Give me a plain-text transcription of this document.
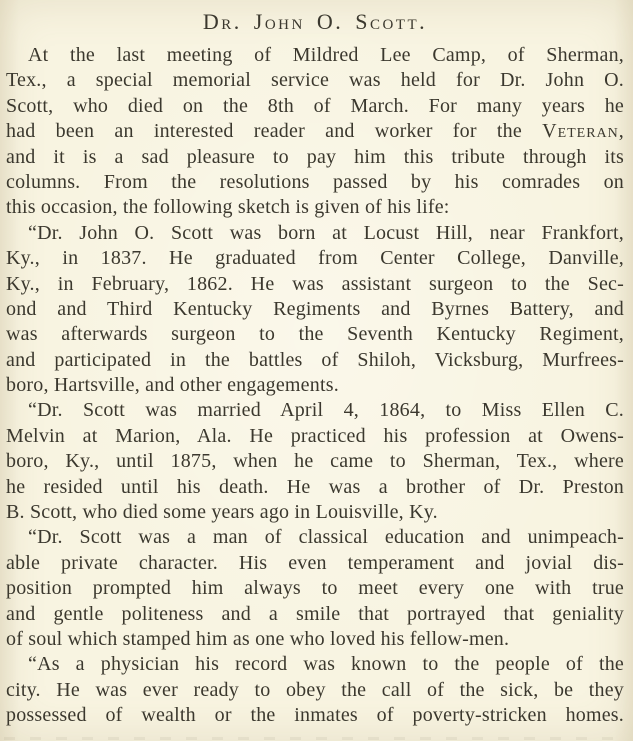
Dr. John O. Scott.
At the last meeting of Mildred Lee Camp, of Sherman,
Tex., a special memorial service was held for Dr. John O.
Scott, who died on the 8th of March. For many years he
had been an interested reader and worker for the Veteran,
and it is a sad pleasure to pay him this tribute through its
columns. From the resolutions passed by his comrades on
this occasion, the following sketch is given of his life:
“Dr. John O. Scott was born at Locust Hill, near Frankfort,
Ky., in 1837. He graduated from Center College, Danville,
Ky., in February, 1862. He was assistant surgeon to the Sec-
ond and Third Kentucky Regiments and Byrnes Battery, and
was afterwards surgeon to the Seventh Kentucky Regiment,
and participated in the battles of Shiloh, Vicksburg, Murfrees-
boro, Hartsville, and other engagements.
“Dr. Scott was married April 4, 1864, to Miss Ellen C.
Melvin at Marion, Ala. He practiced his profession at Owens-
boro, Ky., until 1875, when he came to Sherman, Tex., where
he resided until his death. He was a brother of Dr. Preston
B. Scott, who died some years ago in Louisville, Ky.
“Dr. Scott was a man of classical education and unimpeach-
able private character. His even temperament and jovial dis-
position prompted him always to meet every one with true
and gentle politeness and a smile that portrayed that geniality
of soul which stamped him as one who loved his fellow-men.
“As a physician his record was known to the people of the
city. He was ever ready to obey the call of the sick, be they
possessed of wealth or the inmates of poverty-stricken homes.
